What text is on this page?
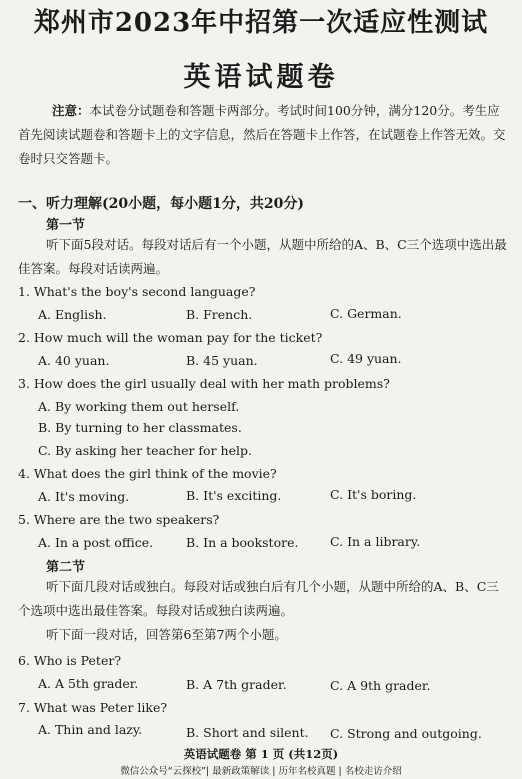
郑州市2023年中招第一次适应性测试
英语试题卷
注意：本试卷分试题卷和答题卡两部分。考试时间100分钟，满分120分。考生应首先阅读试题卷和答题卡上的文字信息，然后在答题卡上作答，在试题卷上作答无效。交卷时只交答题卡。
一、听力理解(20小题，每小题1分，共20分)
第一节
听下面5段对话。每段对话后有一个小题，从题中所给的A、B、C三个选项中选出最佳答案。每段对话读两遍。
1. What's the boy's second language?
A. English.	B. French.	C. German.
2. How much will the woman pay for the ticket?
A. 40 yuan.	B. 45 yuan.	C. 49 yuan.
3. How does the girl usually deal with her math problems?
A. By working them out herself.
B. By turning to her classmates.
C. By asking her teacher for help.
4. What does the girl think of the movie?
A. It's moving.	B. It's exciting.	C. It's boring.
5. Where are the two speakers?
A. In a post office.	B. In a bookstore.	C. In a library.
第二节
听下面几段对话或独白。每段对话或独白后有几个小题，从题中所给的A、B、C三个选项中选出最佳答案。每段对话或独白读两遍。
听下面一段对话，回答第6至第7两个小题。
6. Who is Peter?
A. A 5th grader.	B. A 7th grader.	C. A 9th grader.
7. What was Peter like?
A. Thin and lazy.	B. Short and silent. C. Strong and outgoing.
英语试题卷 第 1 页 (共12页)
微信公众号“云探校”| 最新政策解读 | 历年名校真题 | 名校走访介绍
